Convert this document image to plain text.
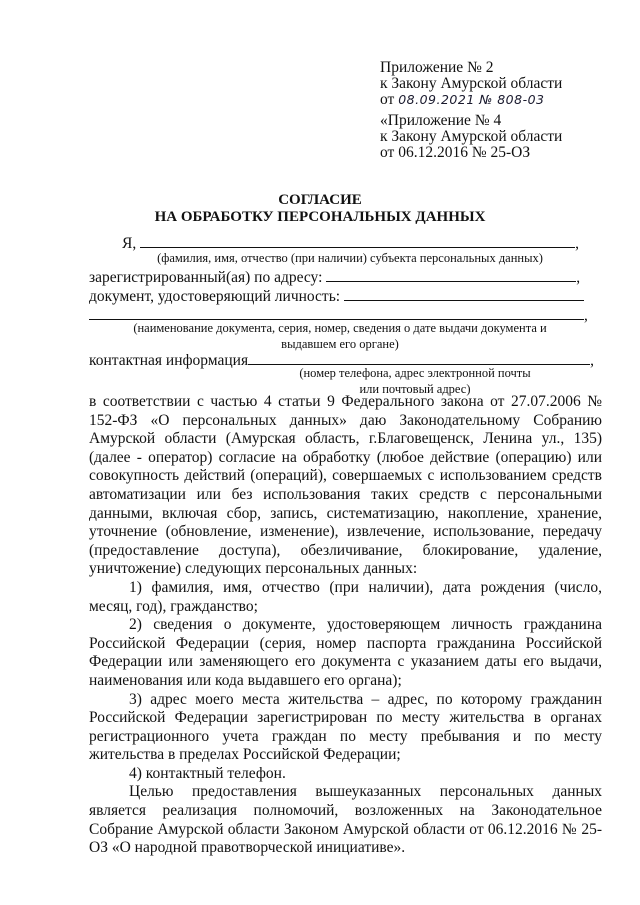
Приложение № 2
к Закону Амурской области
от 08.09.2021 № 808-03
«Приложение № 4
к Закону Амурской области
от 06.12.2016 № 25-ОЗ
СОГЛАСИЕ
НА ОБРАБОТКУ ПЕРСОНАЛЬНЫХ ДАННЫХ
Я,	,
(фамилия, имя, отчество (при наличии) субъекта персональных данных)
зарегистрированный(ая) по адресу:	,
документ, удостоверяющий личность:
,
(наименование документа, серия, номер, сведения о дате выдачи документа и
выдавшем его органе)
контактная информация	,
(номер телефона, адрес электронной почты
или почтовый адрес)

в соответствии с частью 4 статьи 9 Федерального закона от 27.07.2006 № 152-ФЗ «О персональных данных» даю Законодательному Собранию Амурской области (Амурская область, г.Благовещенск, Ленина ул., 135) (далее - оператор) согласие на обработку (любое действие (операцию) или совокупность действий (операций), совершаемых с использованием средств автоматизации или без использования таких средств с персональными данными, включая сбор, запись, систематизацию, накопление, хранение, уточнение (обновление, изменение), извлечение, использование, передачу (предоставление доступа), обезличивание, блокирование, удаление, уничтожение) следующих персональных данных:

1) фамилия, имя, отчество (при наличии), дата рождения (число, месяц, год), гражданство;

2) сведения о документе, удостоверяющем личность гражданина Российской Федерации (серия, номер паспорта гражданина Российской Федерации или заменяющего его документа с указанием даты его выдачи, наименования или кода выдавшего его органа);

3) адрес моего места жительства – адрес, по которому гражданин Российской Федерации зарегистрирован по месту жительства в органах регистрационного учета граждан по месту пребывания и по месту жительства в пределах Российской Федерации;

4) контактный телефон.

Целью предоставления вышеуказанных персональных данных является реализация полномочий, возложенных на Законодательное Собрание Амурской области Законом Амурской области от 06.12.2016 № 25-ОЗ «О народной правотворческой инициативе».
